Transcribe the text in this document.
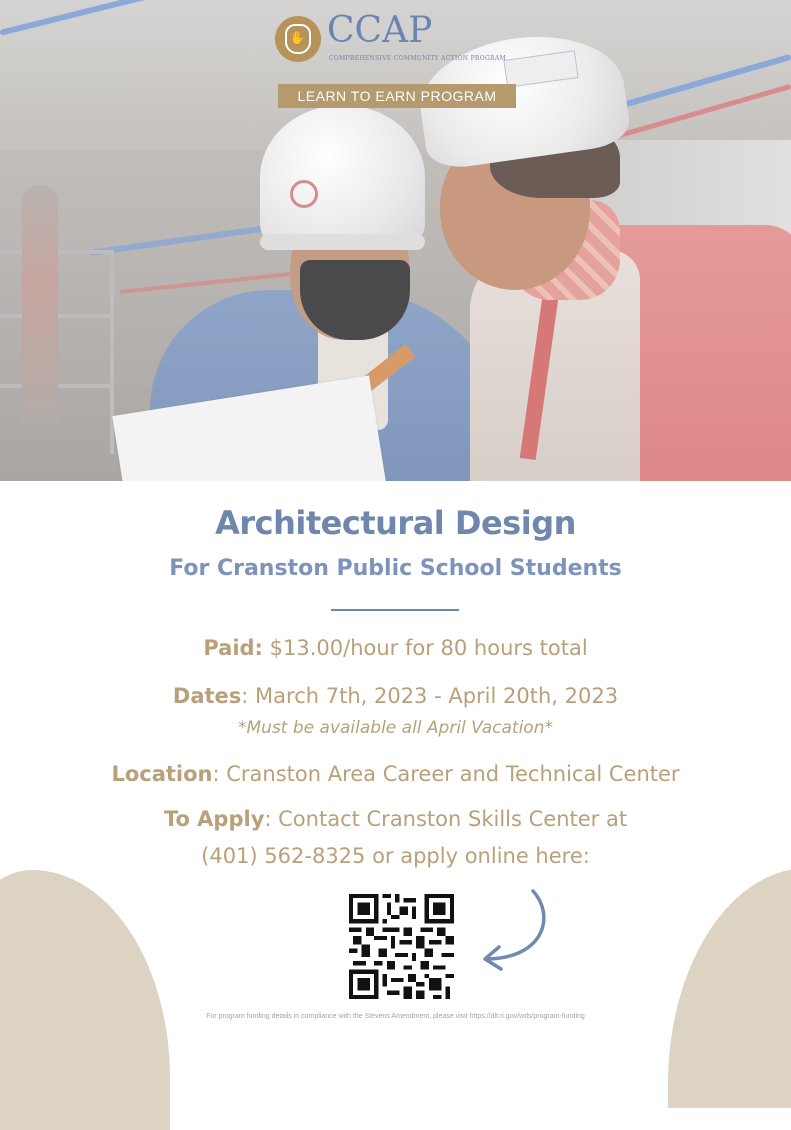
✋ CCAP
COMPREHENSIVE COMMUNITY ACTION PROGRAM
LEARN TO EARN PROGRAM
Architectural Design
For Cranston Public School Students
Paid: $13.00/hour for 80 hours total
Dates: March 7th, 2023 - April 20th, 2023
*Must be available all April Vacation*
Location: Cranston Area Career and Technical Center
To Apply: Contact Cranston Skills Center at
(401) 562-8325 or apply online here:
For program funding details in compliance with the Stevens Amendment, please visit https://dlt.ri.gov/wds/program-funding
